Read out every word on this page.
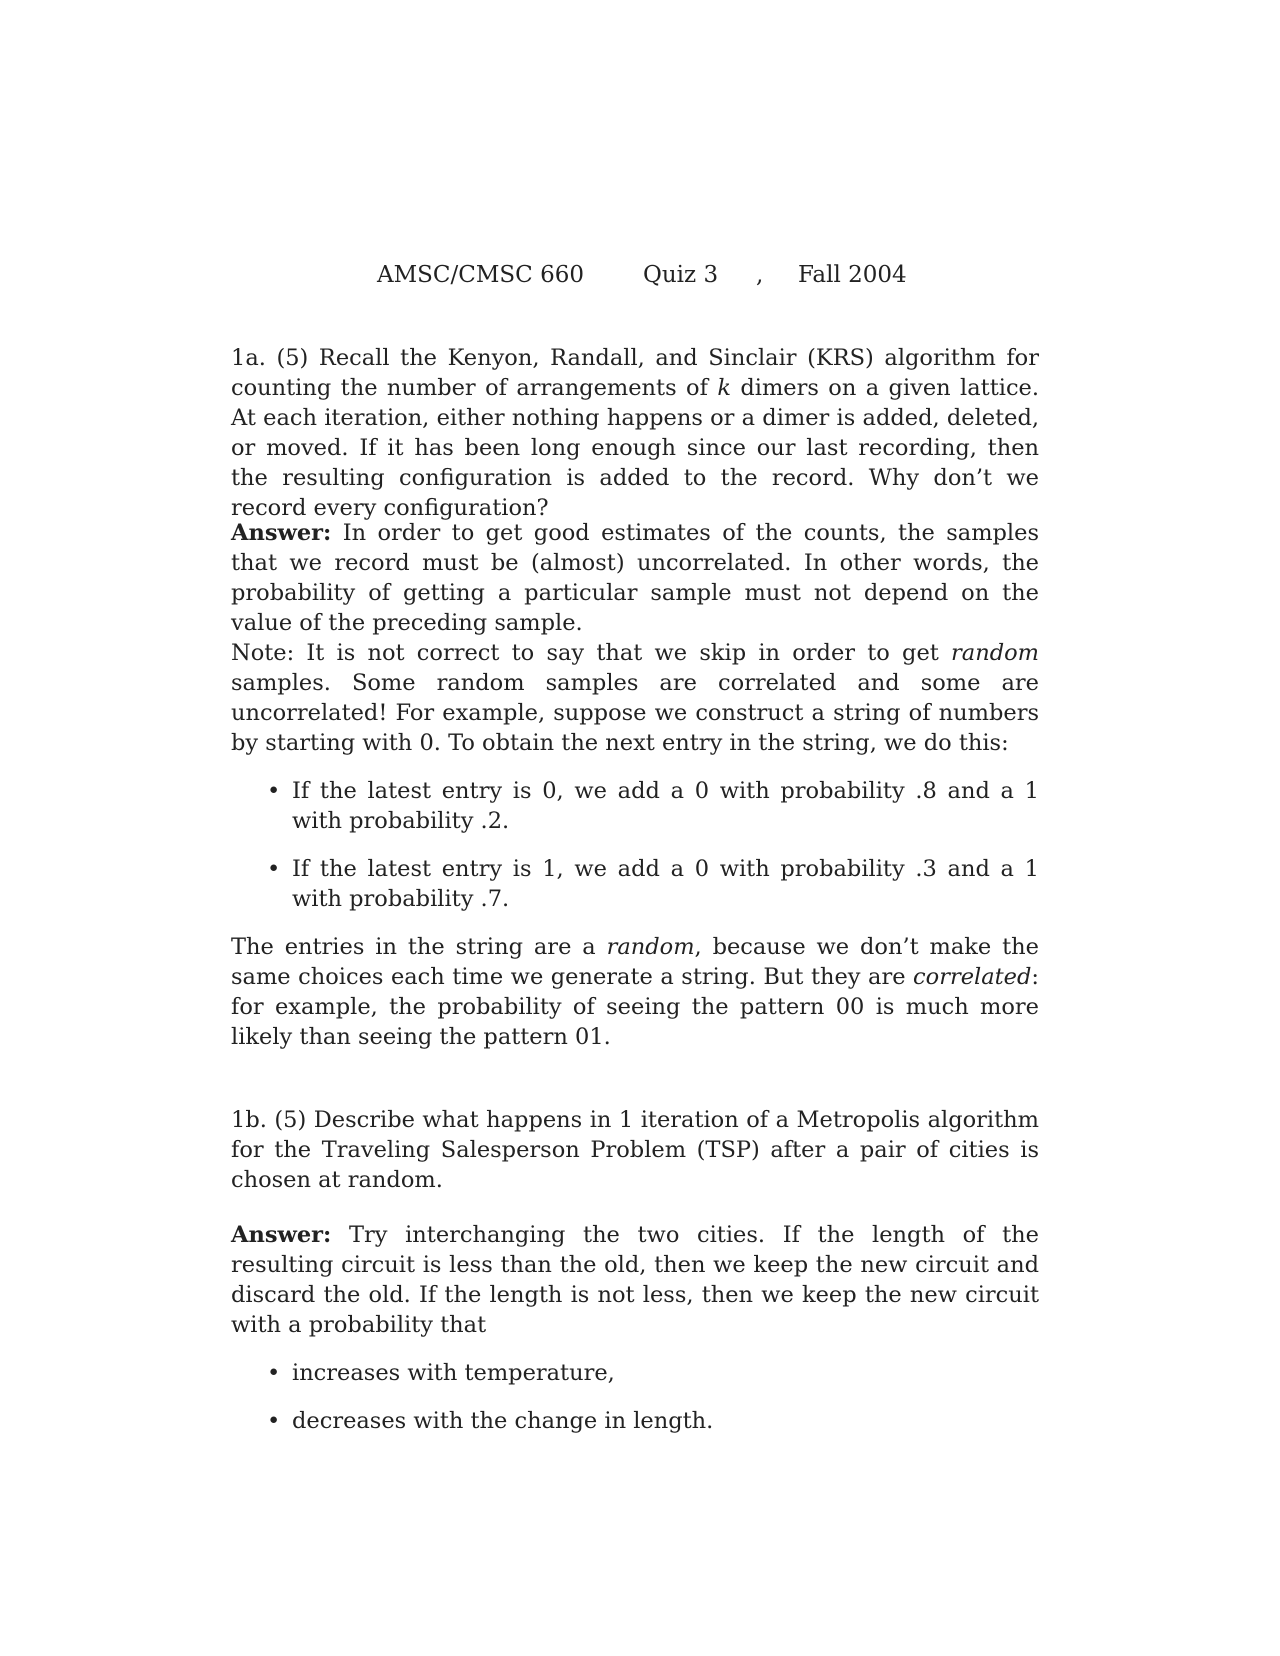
AMSC/CMSC 660	Quiz 3 , Fall 2004

1a. (5) Recall the Kenyon, Randall, and Sinclair (KRS) algorithm for counting the number of arrangements of k dimers on a given lattice. At each iteration, either nothing happens or a dimer is added, deleted, or moved. If it has been long enough since our last recording, then the resulting configuration is added to the record. Why don’t we record every configuration?

Answer: In order to get good estimates of the counts, the samples that we record must be (almost) uncorrelated. In other words, the probability of getting a particular sample must not depend on the value of the preceding sample.

Note: It is not correct to say that we skip in order to get random samples. Some random samples are correlated and some are uncorrelated! For example, suppose we construct a string of numbers by starting with 0. To obtain the next entry in the string, we do this:

• If the latest entry is 0, we add a 0 with probability .8 and a 1 with probability .2.
• If the latest entry is 1, we add a 0 with probability .3 and a 1 with probability .7.

The entries in the string are a random, because we don’t make the same choices each time we generate a string. But they are correlated: for example, the probability of seeing the pattern 00 is much more likely than seeing the pattern 01.

1b. (5) Describe what happens in 1 iteration of a Metropolis algorithm for the Traveling Salesperson Problem (TSP) after a pair of cities is chosen at random.

Answer: Try interchanging the two cities. If the length of the resulting circuit is less than the old, then we keep the new circuit and discard the old. If the length is not less, then we keep the new circuit with a probability that

• increases with temperature,
• decreases with the change in length.
